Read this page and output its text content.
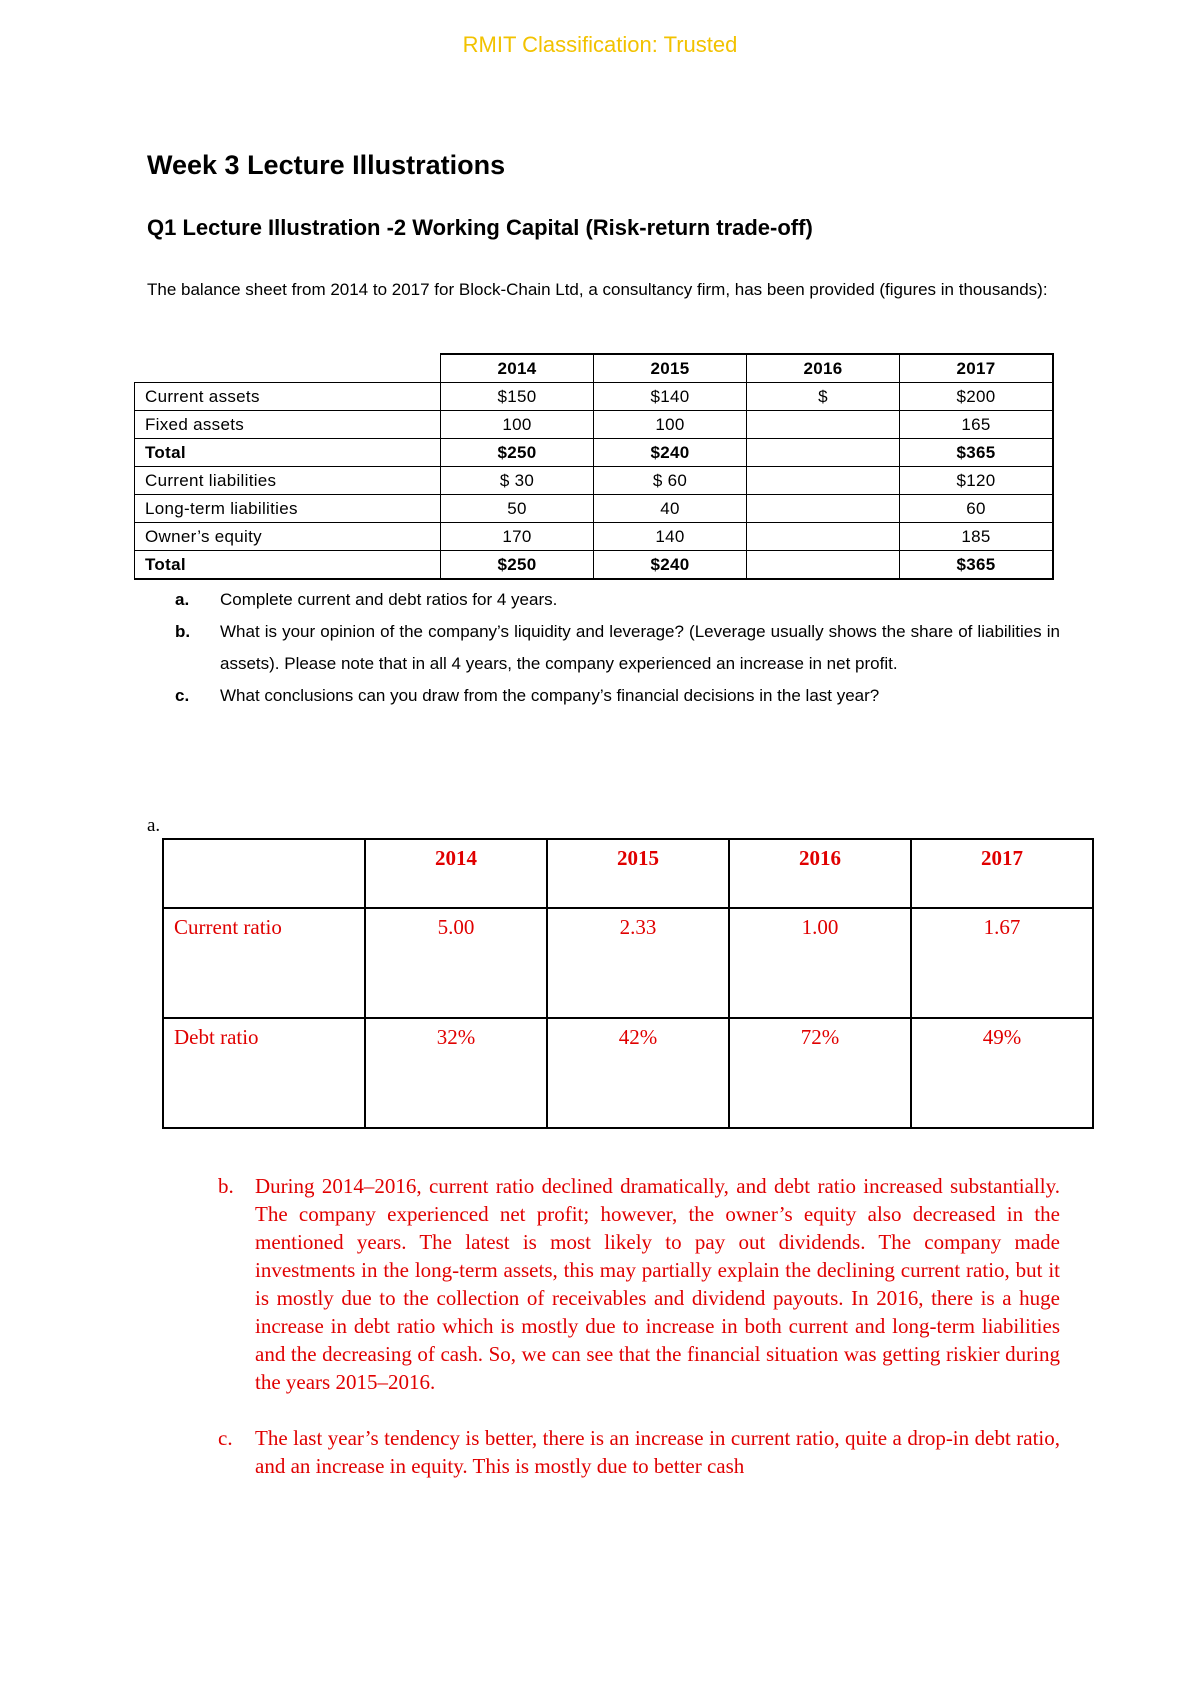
RMIT Classification: Trusted
Week 3 Lecture Illustrations
Q1 Lecture Illustration -2 Working Capital (Risk-return trade-off)
The balance sheet from 2014 to 2017 for Block-Chain Ltd, a consultancy firm, has been provided (figures in thousands):
	2014	2015	2016	2017
Current assets	$150	$140	$	$200
Fixed assets	100	100		165
Total	$250	$240		$365
Current liabilities	$ 30	$ 60		$120
Long-term liabilities	50	40		60
Owner’s equity	170	140		185
Total	$250	$240		$365
a. Complete current and debt ratios for 4 years.
b. What is your opinion of the company’s liquidity and leverage? (Leverage usually shows the share of liabilities in assets). Please note that in all 4 years, the company experienced an increase in net profit.
c. What conclusions can you draw from the company’s financial decisions in the last year?
a.
	2014	2015	2016	2017
Current ratio	5.00	2.33	1.00	1.67
Debt ratio	32%	42%	72%	49%
b. During 2014–2016, current ratio declined dramatically, and debt ratio increased substantially. The company experienced net profit; however, the owner’s equity also decreased in the mentioned years. The latest is most likely to pay out dividends. The company made investments in the long-term assets, this may partially explain the declining current ratio, but it is mostly due to the collection of receivables and dividend payouts. In 2016, there is a huge increase in debt ratio which is mostly due to increase in both current and long-term liabilities and the decreasing of cash. So, we can see that the financial situation was getting riskier during the years 2015–2016.
c. The last year’s tendency is better, there is an increase in current ratio, quite a drop-in debt ratio, and an increase in equity. This is mostly due to better cash
